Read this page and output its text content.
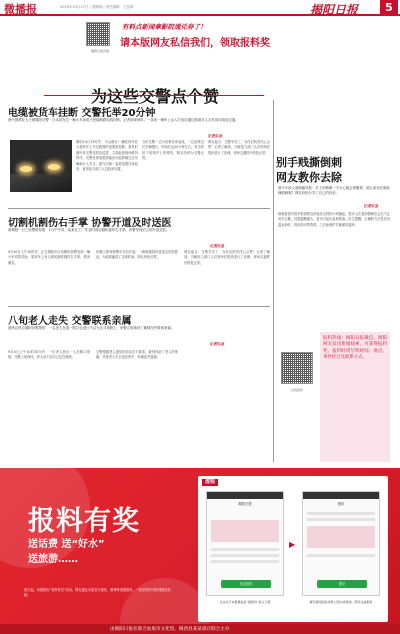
微播报	2019年10月17日 | 星期四 | 责任编辑：王佳琦	揭阳日报	5
揭阳日报官微
有料点新闻拿影院通兑券了！
请本版网友私信我们，领取报料奖
为这些交警点个赞
电缆被货车挂断 交警托举20分钟
@中国网友人士@揭阳交警：日本前发生一辆大车拿电不把能路路电线挂断。记者到现场时，一条条一辆车上由人打电话通过路面多人合作同同电线交通。
记者实录
揭阳10日15时许，中山路北一辆挂线车在大超货车上开过路面的电缆被挂断。事发时刚好有交警在附近巡逻，立即赶到现场维持秩序。交警发现电缆掉落后可能影响过往车辆和行人安全，遂与同事一起将电缆托举起来，直到电力部门人员赶来处置。
当时交警一边与同事托举电线，一边指挥过往车辆慢行，时间长达20分钟左右。有市民拍下视频并上传网络，网友纷纷为交警点赞。
网友留言：交警辛苦了，为你们的责任心点赞！记者了解到，当晚电力部门人员到场后很快进行了处理，现场交通秩序恢复正常。
切割机割伤右手掌 协警开道及时送医
@揭阳一日之协警防控报：1日中午时，某某在工厂作业时被切割机割伤右手掌，协警发现后立即开道送医。
记者实录
9月10日上午10时许，正在揭阳市区执勤的协警发现一辆小车鸣笛求助，原来车上有人被切割机割伤右手掌，情况紧急。
协警立即驾驶警车在前开道，一路畅通将伤者送往医院救治，为抢救赢得了宝贵时间，网友纷纷点赞。
网友留言：交警辛苦了，为你们的责任心点赞！记者了解到，当晚电力部门人员到场后很快进行了处理，现场交通秩序恢复正常。
八旬老人走失 交警联系亲属
@热议热点揭阳协警提供：一名老人在超一路口处进行不以为去寻找路上，协警立即询问了解情况并联系家属。
记者实录
9月4日上午10时30分许，一位老人独自一人在路口徘徊，交警上前询问，老人说不清自己住在哪里。
交警根据老人提供的信息多方联系，最终找到了老人的家属，并将老人安全送回家中，家属连声道谢。
别手贱撕倒刺
网友教你去除
@小小侦人@副编导报：手上的倒刺一不小心就会被撕掉，那么如何正确处理倒刺呢？网友纷纷分享了自己的经验。
记者实录
倒刺是指手指甲根部附近的表皮出现的小块翘起。很多人在看到倒刺后会忍不住用手去撕，结果越撕越大，甚至引起出血和感染。医生提醒，正确的方法是先用温水泡软，再用指甲剪剪掉，之后涂抹护手霜保持滋润。
扫码报料
报料热线：揭阳日报微信、揭阳网友发送新闻线索，可获得报料奖。报料时请写明时间、地点、事件经过及联系方式。
报料有奖
送话费 送“好水”
送旅游……
即日起，本报推出“有料有奖”活动。网友通过本报官方微信、微博等渠道报料，一经采用即可获得相应奖励。
流程
揭阳日报
发送报料
点击关于本报微信后“微报料”进入下级
▶
报料
提交
填写新闻线索并附上图片或视频，即可完成报料
由揭阳日报社联合汕尾市文化馆、揭西县某某酒店联合主办
